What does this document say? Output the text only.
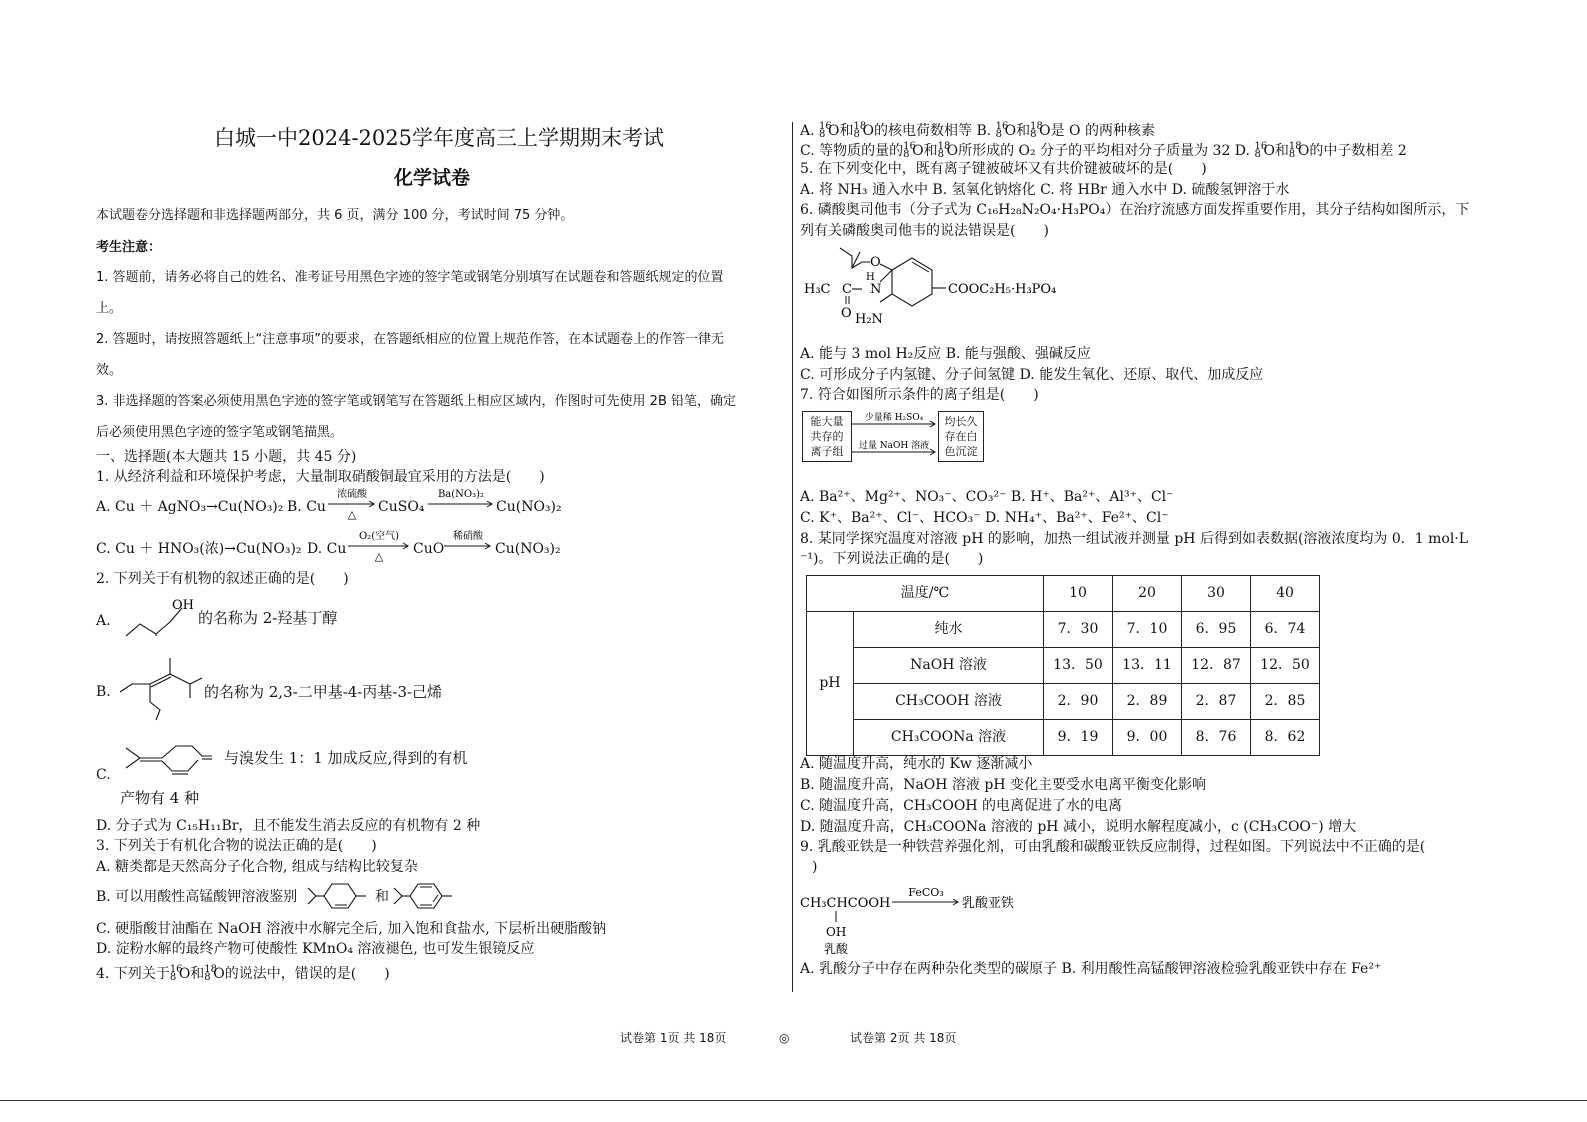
白城一中2024-2025学年度高三上学期期末考试
化学试卷
本试题卷分选择题和非选择题两部分，共 6 页，满分 100 分，考试时间 75 分钟。
考生注意：
1. 答题前，请务必将自己的姓名、准考证号用黑色字迹的签字笔或钢笔分别填写在试题卷和答题纸规定的位置
上。
2. 答题时，请按照答题纸上“注意事项”的要求，在答题纸相应的位置上规范作答，在本试题卷上的作答一律无
效。
3. 非选择题的答案必须使用黑色字迹的签字笔或钢笔写在答题纸上相应区域内，作图时可先使用 2B 铅笔，确定
后必须使用黑色字迹的签字笔或钢笔描黑。
一、选择题(本大题共 15 小题，共 45 分)
1. 从经济利益和环境保护考虑，大量制取硝酸铜最宜采用的方法是(　　)
A. Cu ＋ AgNO₃→Cu(NO₃)₂ B. Cu
浓硫酸
△ CuSO₄
Ba(NO₃)₂
Cu(NO₃)₂
C. Cu ＋ HNO₃(浓)→Cu(NO₃)₂ D. Cu
O₂(空气)
△ CuO
稀硝酸
Cu(NO₃)₂
2. 下列关于有机物的叙述正确的是(　　)
A.
OH
的名称为 2-羟基丁醇
B.	的名称为 2,3-二甲基-4-丙基-3-己烯
C.
与溴发生 1：1 加成反应,得到的有机
产物有 4 种
D. 分子式为 C₁₅H₁₁Br，且不能发生消去反应的有机物有 2 种
3. 下列关于有机化合物的说法正确的是(　　)
A. 糖类都是天然高分子化合物, 组成与结构比较复杂
B. 可以用酸性高锰酸钾溶液鉴别	和
C. 硬脂酸甘油酯在 NaOH 溶液中水解完全后, 加入饱和食盐水, 下层析出硬脂酸钠
D. 淀粉水解的最终产物可使酸性 KMnO₄ 溶液褪色, 也可发生银镜反应
4. 下列关于 16
8 O和 18
8 O的说法中，错误的是(　　)
A. 16
8 O和 18
8 O的核电荷数相等 B. 16
8 O和 18
8 O是 O 的两种核素
C. 等物质的量的 16
8 O和 18
8 O所形成的 O₂ 分子的平均相对分子质量为 32 D. 16
8 O和 18
8 O的中子数相差 2
5. 在下列变化中，既有离子键被破坏又有共价键被破坏的是(　　)
A. 将 NH₃ 通入水中 B. 氢氧化钠熔化 C. 将 HBr 通入水中 D. 硫酸氢钾溶于水
6. 磷酸奥司他韦（分子式为 C₁₆H₂₈N₂O₄·H₃PO₄）在治疗流感方面发挥重要作用，其分子结构如图所示，下
列有关磷酸奥司他韦的说法错误是(　　)
O
COOC₂H₅·H₃PO₄
H₂N
N
H
C
H₃C
O
A. 能与 3 mol H₂反应 B. 能与强酸、强碱反应
C. 可形成分子内氢键、分子间氢键 D. 能发生氧化、还原、取代、加成反应
7. 符合如图所示条件的离子组是(　　)
能大量
共存的
离子组
少量稀 H₂SO₄
过量 NaOH 溶液
均长久
存在白
色沉淀
A. Ba²⁺、Mg²⁺、NO₃⁻、CO₃²⁻ B. H⁺、Ba²⁺、Al³⁺、Cl⁻
C. K⁺、Ba²⁺、Cl⁻、HCO₃⁻ D. NH₄⁺、Ba²⁺、Fe²⁺、Cl⁻
8. 某同学探究温度对溶液 pH 的影响，加热一组试液并测量 pH 后得到如表数据(溶液浓度均为 0．1 mol·L
⁻¹)。下列说法正确的是(　　)
温度/℃		10	20	30	40
pH	纯水	7．30	7．10	6．95	6．74
	NaOH 溶液	13．50	13．11	12．87	12．50
	CH₃COOH 溶液	2．90	2．89	2．87	2．85
	CH₃COONa 溶液	9．19	9．00	8．76	8．62
A. 随温度升高，纯水的 Kw 逐渐减小
B. 随温度升高，NaOH 溶液 pH 变化主要受水电离平衡变化影响
C. 随温度升高，CH₃COOH 的电离促进了水的电离
D. 随温度升高，CH₃COONa 溶液的 pH 减小，说明水解程度减小，c (CH₃COO⁻) 增大
9. 乳酸亚铁是一种铁营养强化剂，可由乳酸和碳酸亚铁反应制得，过程如图。下列说法中不正确的是(
)
CH₃CHCOOH
FeCO₃
乳酸亚铁
OH
乳酸
A. 乳酸分子中存在两种杂化类型的碳原子 B. 利用酸性高锰酸钾溶液检验乳酸亚铁中存在 Fe²⁺
试卷第 1页 共 18页	◎	试卷第 2页 共 18页
